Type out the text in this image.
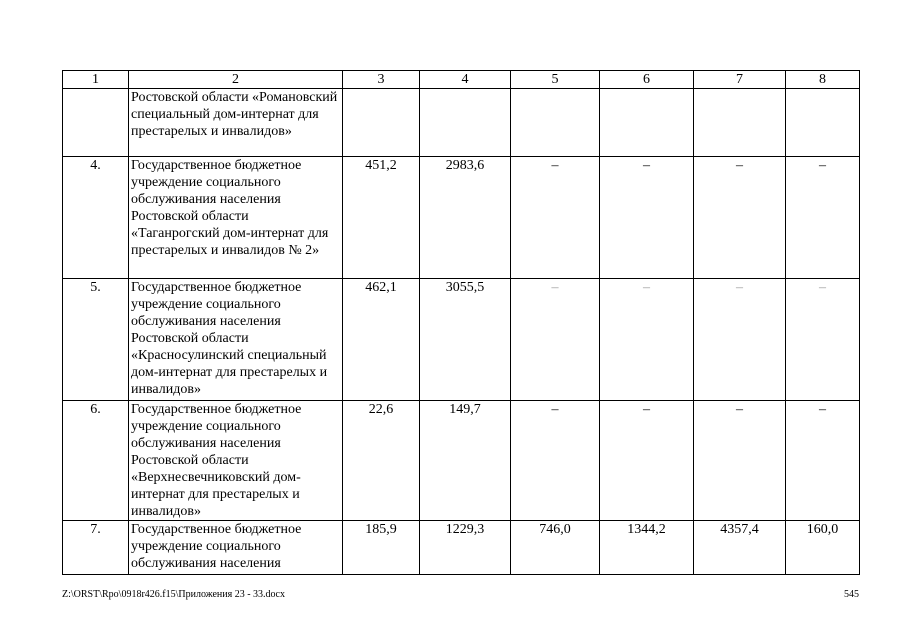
1	2	3	4	5	6	7	8
	Ростовской области «Романовский специальный дом-интернат для престарелых и инвалидов»						
4.	Государственное бюджетное учреждение социального обслуживания населения Ростовской области «Таганрогский дом-интернат для престарелых и инвалидов № 2»	451,2	2983,6	–	–	–	–
5.	Государственное бюджетное учреждение социального обслуживания населения Ростовской области «Красносулинский специальный дом-интернат для престарелых и инвалидов»	462,1	3055,5	–	–	–	–
6.	Государственное бюджетное учреждение социального обслуживания населения Ростовской области «Верхнесвечниковский дом-интернат для престарелых и инвалидов»	22,6	149,7	–	–	–	–
7.	Государственное бюджетное учреждение социального обслуживания населения	185,9	1229,3	746,0	1344,2	4357,4	160,0
Z:\ORST\Rpo\0918r426.f15\Приложения 23 - 33.docx	545
